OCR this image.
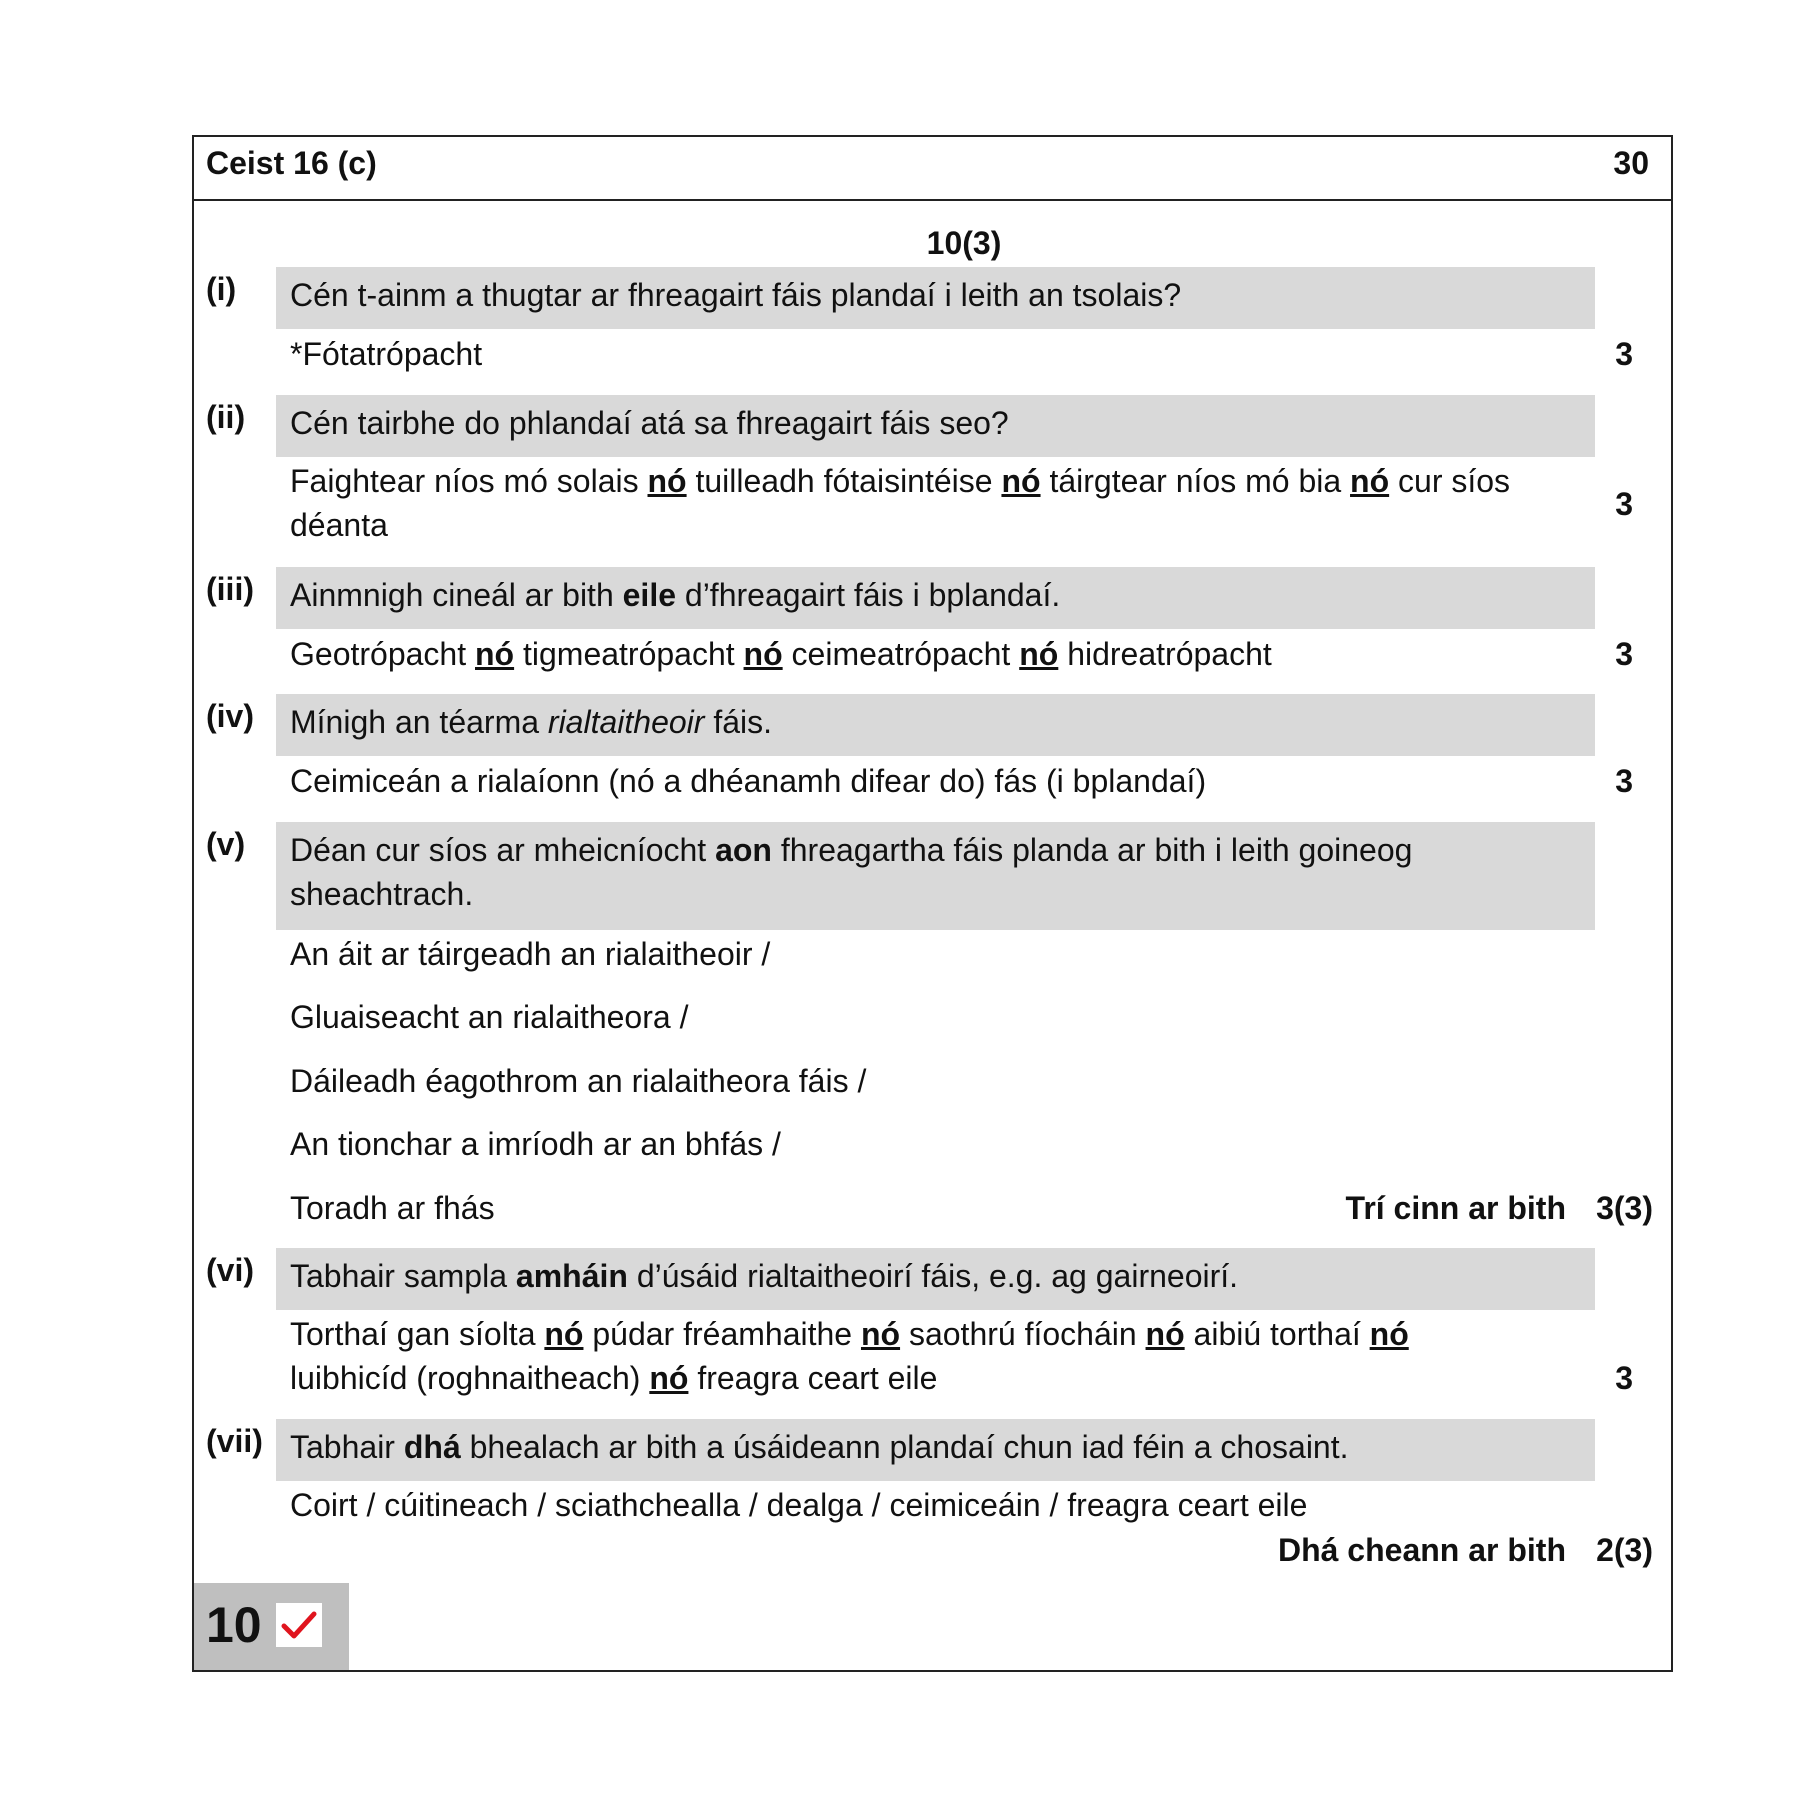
Ceist 16 (c)	30
10(3)
(i)	Cén t-ainm a thugtar ar fhreagairt fáis plandaí i leith an tsolais?
*Fótatrópacht	3
(ii)	Cén tairbhe do phlandaí atá sa fhreagairt fáis seo?
Faightear níos mó solais nó tuilleadh fótaisintéise nó táirgtear níos mó bia nó cur síos
déanta
3
(iii)	Ainmnigh cineál ar bith eile d’fhreagairt fáis i bplandaí.
Geotrópacht nó tigmeatrópacht nó ceimeatrópacht nó hidreatrópacht	3
(iv)	Mínigh an téarma rialtaitheoir fáis.
Ceimiceán a rialaíonn (nó a dhéanamh difear do) fás (i bplandaí)	3
(v)	Déan cur síos ar mheicníocht aon fhreagartha fáis planda ar bith i leith goineog
sheachtrach.
An áit ar táirgeadh an rialaitheoir /
Gluaiseacht an rialaitheora /
Dáileadh éagothrom an rialaitheora fáis /
An tionchar a imríodh ar an bhfás /
Toradh ar fhás	Trí cinn ar bith 3(3)
(vi)	Tabhair sampla amháin d’úsáid rialtaitheoirí fáis, e.g. ag gairneoirí.
Torthaí gan síolta nó púdar fréamhaithe nó saothrú fíocháin nó aibiú torthaí nó
luibhicíd (roghnaitheach) nó freagra ceart eile	3
(vii) Tabhair dhá bhealach ar bith a úsáideann plandaí chun iad féin a chosaint.
Coirt / cúitineach / sciathchealla / dealga / ceimiceáin / freagra ceart eile
Dhá cheann ar bith 2(3)
10
